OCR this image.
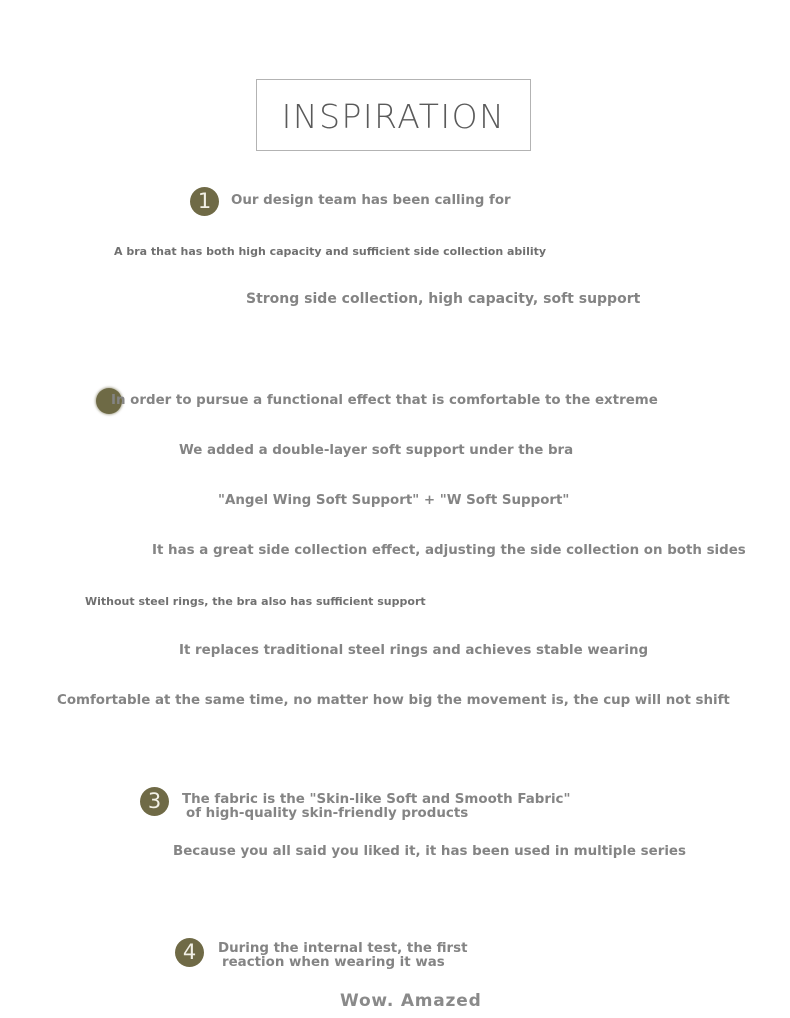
INSPIRATION
1	Our design team has been calling for
A bra that has both high capacity and sufficient side collection ability
Strong side collection, high capacity, soft support
In order to pursue a functional effect that is comfortable to the extreme
We added a double-layer soft support under the bra
"Angel Wing Soft Support" + "W Soft Support"
It has a great side collection effect, adjusting the side collection on both sides
Without steel rings, the bra also has sufficient support
It replaces traditional steel rings and achieves stable wearing
Comfortable at the same time, no matter how big the movement is, the cup will not shift
3	The fabric is the "Skin-like Soft and Smooth Fabric"
of high-quality skin-friendly products
Because you all said you liked it, it has been used in multiple series
4	During the internal test, the first
reaction when wearing it was
Wow. Amazed
